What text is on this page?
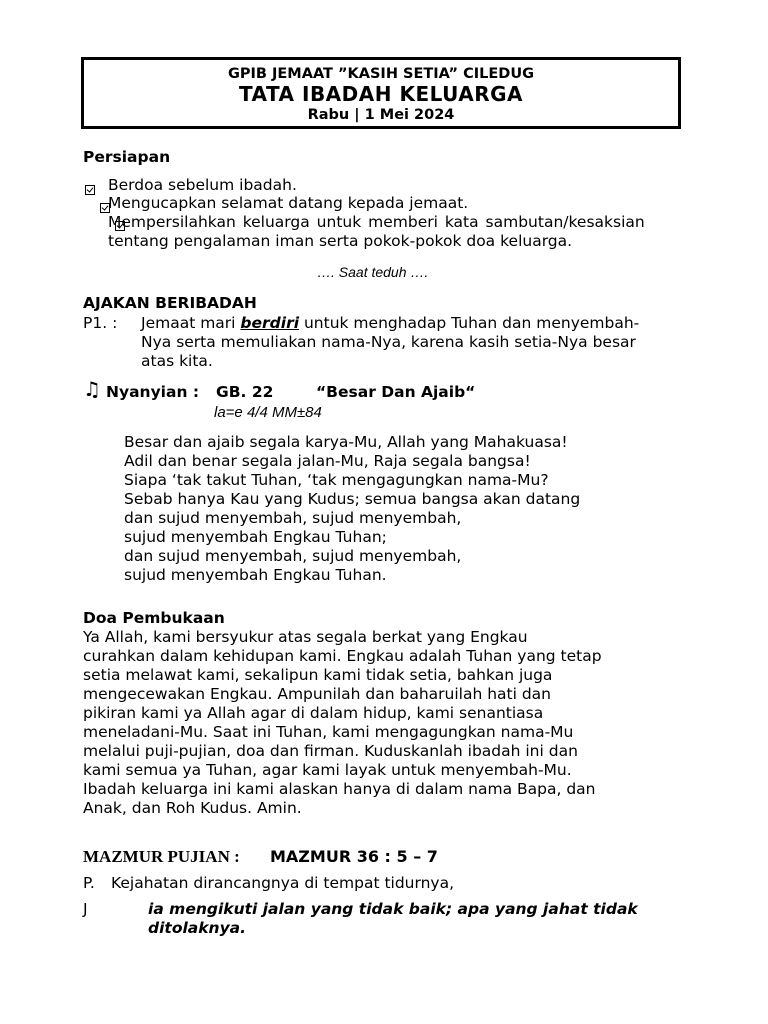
GPIB JEMAAT ”KASIH SETIA” CILEDUG
TATA IBADAH KELUARGA
Rabu | 1 Mei 2024
Persiapan

Berdoa sebelum ibadah.

Mengucapkan selamat datang kepada jemaat.
Mempersilahkan keluarga untuk memberi kata sambutan/kesaksian
tentang pengalaman iman serta pokok-pokok doa keluarga.
…. Saat teduh ….
AJAKAN BERIBADAH
P1. : Jemaat mari berdiri untuk menghadap Tuhan dan menyembah-
Nya serta memuliakan nama-Nya, karena kasih setia-Nya besar
atas kita.
♫ Nyanyian : GB. 22	“Besar Dan Ajaib“
la=e 4/4 MM±84
Besar dan ajaib segala karya-Mu, Allah yang Mahakuasa!
Adil dan benar segala jalan-Mu, Raja segala bangsa!
Siapa ‘tak takut Tuhan, ‘tak mengagungkan nama-Mu?
Sebab hanya Kau yang Kudus; semua bangsa akan datang
dan sujud menyembah, sujud menyembah,
sujud menyembah Engkau Tuhan;
dan sujud menyembah, sujud menyembah,
sujud menyembah Engkau Tuhan.
Doa Pembukaan
Ya Allah, kami bersyukur atas segala berkat yang Engkau
curahkan dalam kehidupan kami. Engkau adalah Tuhan yang tetap
setia melawat kami, sekalipun kami tidak setia, bahkan juga
mengecewakan Engkau. Ampunilah dan baharuilah hati dan
pikiran kami ya Allah agar di dalam hidup, kami senantiasa
meneladani-Mu. Saat ini Tuhan, kami mengagungkan nama-Mu
melalui puji-pujian, doa dan firman. Kuduskanlah ibadah ini dan
kami semua ya Tuhan, agar kami layak untuk menyembah-Mu.
Ibadah keluarga ini kami alaskan hanya di dalam nama Bapa, dan
Anak, dan Roh Kudus. Amin.
MAZMUR PUJIAN : MAZMUR 36 : 5 – 7
P. Kejahatan dirancangnya di tempat tidurnya,
J	ia mengikuti jalan yang tidak baik; apa yang jahat tidak
ditolaknya.
